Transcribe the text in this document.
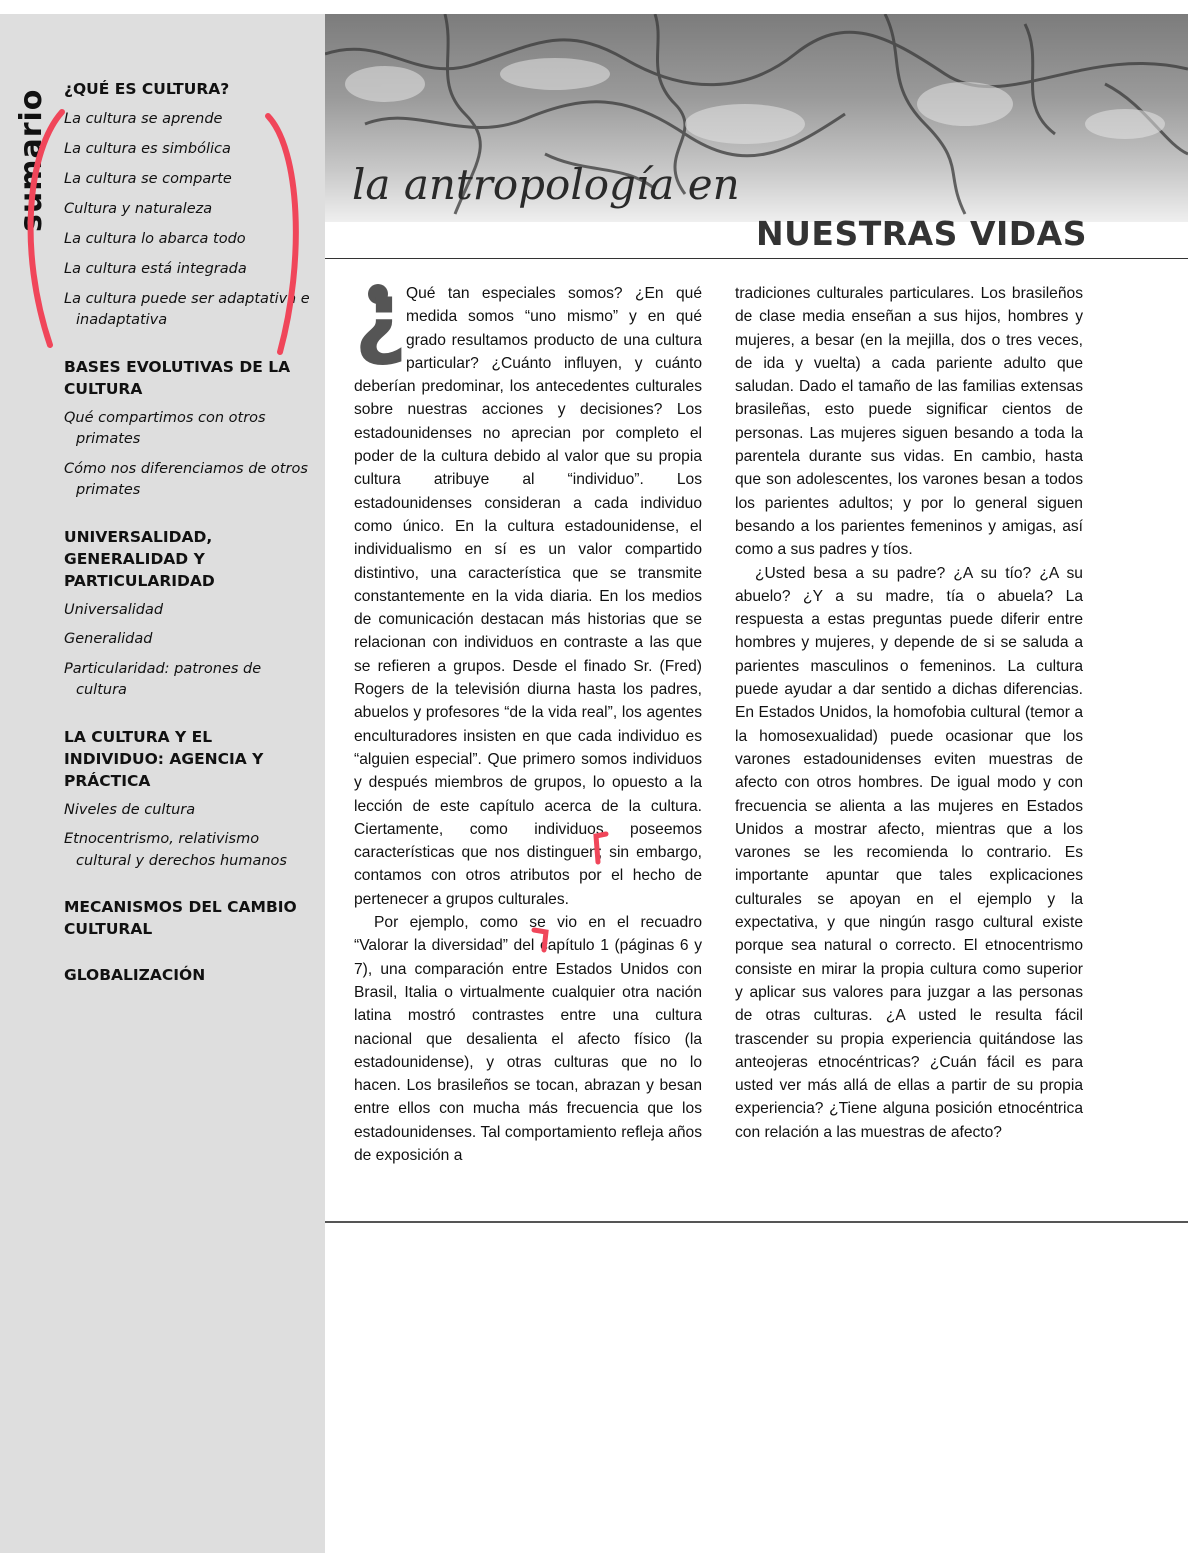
sumario ¿QUÉ ES CULTURA?
La cultura se aprende
La cultura es simbólica
La cultura se comparte
Cultura y naturaleza
La cultura lo abarca todo
La cultura está integrada
La cultura puede ser adaptativa e inadaptativa
BASES EVOLUTIVAS DE LA CULTURA
Qué compartimos con otros primates
Cómo nos diferenciamos de otros primates
UNIVERSALIDAD, GENERALIDAD Y PARTICULARIDAD
Universalidad
Generalidad
Particularidad: patrones de cultura
LA CULTURA Y EL INDIVIDUO: AGENCIA Y PRÁCTICA
Niveles de cultura
Etnocentrismo, relativismo cultural y derechos humanos
MECANISMOS DEL CAMBIO CULTURAL
GLOBALIZACIÓN
la antropología en
NUESTRAS VIDAS

¿
Qué tan especiales somos? ¿En qué medida somos “uno mismo” y en qué grado resultamos producto de una cultura particular? ¿Cuánto influyen, y cuánto deberían predominar, los antecedentes culturales sobre nuestras acciones y decisiones? Los estadounidenses no aprecian por completo el poder de la cultura debido al valor que su propia cultura atribuye al “individuo”. Los estadounidenses consideran a cada individuo como único. En la cultura estadounidense, el individualismo en sí es un valor compartido distintivo, una característica que se transmite constantemente en la vida diaria. En los medios de comunicación destacan más historias que se relacionan con individuos en contraste a las que se refieren a grupos. Desde el finado Sr. (Fred) Rogers de la televisión diurna hasta los padres, abuelos y profesores “de la vida real”, los agentes enculturadores insisten en que cada individuo es “alguien especial”. Que primero somos individuos y después miembros de grupos, lo opuesto a la lección de este capítulo acerca de la cultura. Ciertamente, como individuos poseemos características que nos distinguen; sin embargo, contamos con otros atributos por el hecho de pertenecer a grupos culturales.

Por ejemplo, como se vio en el recuadro “Valorar la diversidad” del capítulo 1 (páginas 6 y 7), una comparación entre Estados Unidos con Brasil, Italia o virtualmente cualquier otra nación latina mostró contrastes entre una cultura nacional que desalienta el afecto físico (la estadounidense), y otras culturas que no lo hacen. Los brasileños se tocan, abrazan y besan entre ellos con mucha más frecuencia que los estadounidenses. Tal comportamiento refleja años de exposición a

tradiciones culturales particulares. Los brasileños de clase media enseñan a sus hijos, hombres y mujeres, a besar (en la mejilla, dos o tres veces, de ida y vuelta) a cada pariente adulto que saludan. Dado el tamaño de las familias extensas brasileñas, esto puede significar cientos de personas. Las mujeres siguen besando a toda la parentela durante sus vidas. En cambio, hasta que son adolescentes, los varones besan a todos los parientes adultos; y por lo general siguen besando a los parientes femeninos y amigas, así como a sus padres y tíos.

¿Usted besa a su padre? ¿A su tío? ¿A su abuelo? ¿Y a su madre, tía o abuela? La respuesta a estas preguntas puede diferir entre hombres y mujeres, y depende de si se saluda a parientes masculinos o femeninos. La cultura puede ayudar a dar sentido a dichas diferencias. En Estados Unidos, la homofobia cultural (temor a la homosexualidad) puede ocasionar que los varones estadounidenses eviten muestras de afecto con otros hombres. De igual modo y con frecuencia se alienta a las mujeres en Estados Unidos a mostrar afecto, mientras que a los varones se les recomienda lo contrario. Es importante apuntar que tales explicaciones culturales se apoyan en el ejemplo y la expectativa, y que ningún rasgo cultural existe porque sea natural o correcto. El etnocentrismo consiste en mirar la propia cultura como superior y aplicar sus valores para juzgar a las personas de otras culturas. ¿A usted le resulta fácil trascender su propia experiencia quitándose las anteojeras etnocéntricas? ¿Cuán fácil es para usted ver más allá de ellas a partir de su propia experiencia? ¿Tiene alguna posición etnocéntrica con relación a las muestras de afecto?
